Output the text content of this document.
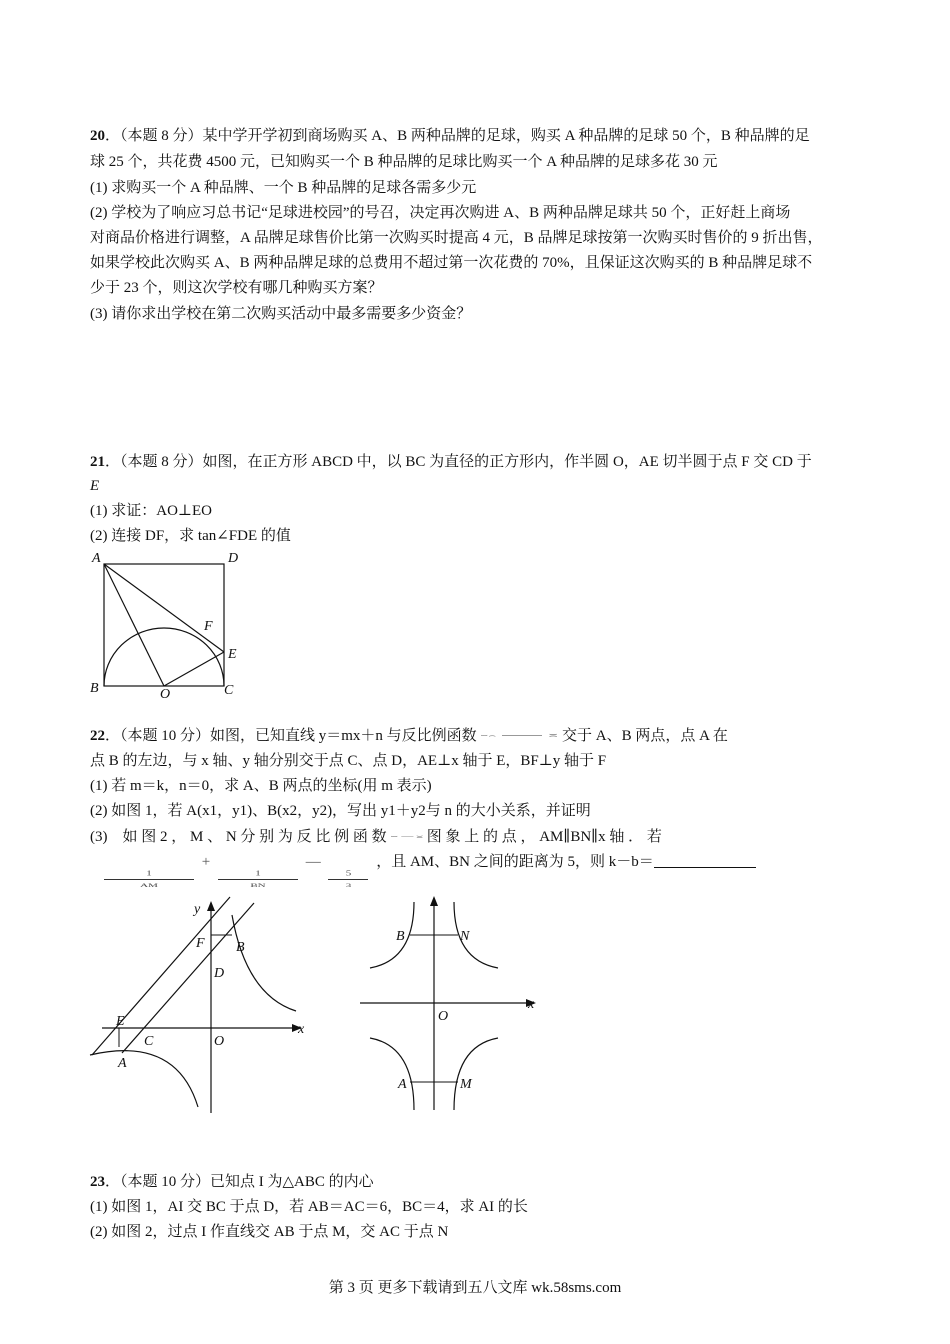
20．（本题 8 分）某中学开学初到商场购买 A、B 两种品牌的足球，购买 A 种品牌的足球 50 个，B 种品牌的足
球 25 个，共花费 4500 元，已知购买一个 B 种品牌的足球比购买一个 A 种品牌的足球多花 30 元
(1) 求购买一个 A 种品牌、一个 B 种品牌的足球各需多少元
(2) 学校为了响应习总书记“足球进校园”的号召，决定再次购进 A、B 两种品牌足球共 50 个，正好赶上商场
对商品价格进行调整，A 品牌足球售价比第一次购买时提高 4 元，B 品牌足球按第一次购买时售价的 9 折出售，
如果学校此次购买 A、B 两种品牌足球的总费用不超过第一次花费的 70%，且保证这次购买的 B 种品牌足球不
少于 23 个，则这次学校有哪几种购买方案？
(3) 请你求出学校在第二次购买活动中最多需要多少资金？
21．（本题 8 分）如图，在正方形 ABCD 中，以 BC 为直径的正方形内，作半圆 O，AE 切半圆于点 F 交 CD 于
E
(1) 求证：AO⊥EO
(2) 连接 DF，求 tan∠FDE 的值
A	D
F
E
B	O	C
22．（本题 10 分）如图，已知直线 y＝mx＋n 与反比例函数 ⌣⌢	≍ 交于 A、B 两点，点 A 在
点 B 的左边，与 x 轴、y 轴分别交于点 C、点 D，AE⊥x 轴于 E，BF⊥y 轴于 F
(1) 若 m＝k，n＝0，求 A、B 两点的坐标(用 m 表示)
(2) 如图 1，若 A(x1，y1)、B(x2，y2)，写出 y1＋y2与 n 的大小关系，并证明
(3)　如 图 2 ， M 、 N 分 别 为 反 比 例 函 数 ⌣ — ≍ 图 象 上 的 点 ， AM∥BN∥x 轴 ． 若
$\frac{1}{AM}$
+
$\frac{1}{BN}$
—
$\frac{5}{3}$
，且 AM、BN 之间的距离为 5，则 k－b＝
y
x
F B
D
E
C	O
A
B	N
O
x
A	M
23．（本题 10 分）已知点 I 为△ABC 的内心
(1) 如图 1，AI 交 BC 于点 D，若 AB＝AC＝6，BC＝4，求 AI 的长
(2) 如图 2，过点 I 作直线交 AB 于点 M，交 AC 于点 N
第 3 页 更多下载请到五八文库 wk.58sms.com
